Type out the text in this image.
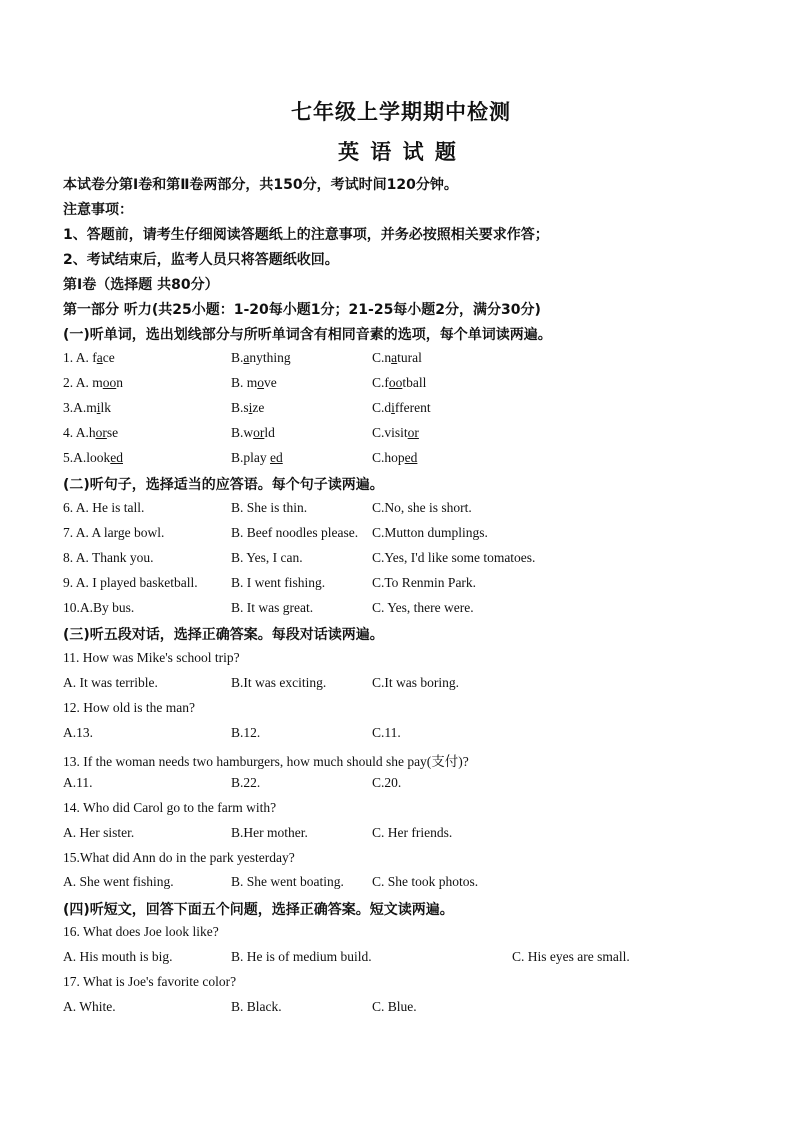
七年级上学期期中检测
英 语 试 题
本试卷分第Ⅰ卷和第Ⅱ卷两部分，共150分，考试时间120分钟。
注意事项：
1、答题前，请考生仔细阅读答题纸上的注意事项，并务必按照相关要求作答；
2、考试结束后，监考人员只将答题纸收回。
第Ⅰ卷（选择题 共80分）
第一部分 听力(共25小题：1-20每小题1分；21-25每小题2分，满分30分)
(一)听单词，选出划线部分与所听单词含有相同音素的选项，每个单词读两遍。
1. A. face	B.anything	C.natural
2. A. moon	B. move	C.football
3.A.milk	B.size	C.different
4. A.horse	B.world	C.visitor
5.A.looked	B.play ed	C.hoped
(二)听句子，选择适当的应答语。每个句子读两遍。
6. A. He is tall.	B. She is thin.	C.No, she is short.
7. A. A large bowl.	B. Beef noodles please. C.Mutton dumplings.
8. A. Thank you.	B. Yes, I can.	C.Yes, I'd like some tomatoes.
9. A. I played basketball. B. I went fishing.	C.To Renmin Park.
10.A.By bus.	B. It was great.	C. Yes, there were.
(三)听五段对话，选择正确答案。每段对话读两遍。
11. How was Mike's school trip?
A. It was terrible.	B.It was exciting.	C.It was boring.
12. How old is the man?
A.13.	B.12.	C.11.
13. If the woman needs two hamburgers, how much should she pay(支付)?
A.11.	B.22.	C.20.
14. Who did Carol go to the farm with?
A. Her sister.	B.Her mother.	C. Her friends.
15.What did Ann do in the park yesterday?
A. She went fishing.	B. She went boating. C. She took photos.
(四)听短文，回答下面五个问题，选择正确答案。短文读两遍。
16. What does Joe look like?
A. His mouth is big.	B. He is of medium build.	C. His eyes are small.
17. What is Joe's favorite color?
A. White.	B. Black.	C. Blue.
